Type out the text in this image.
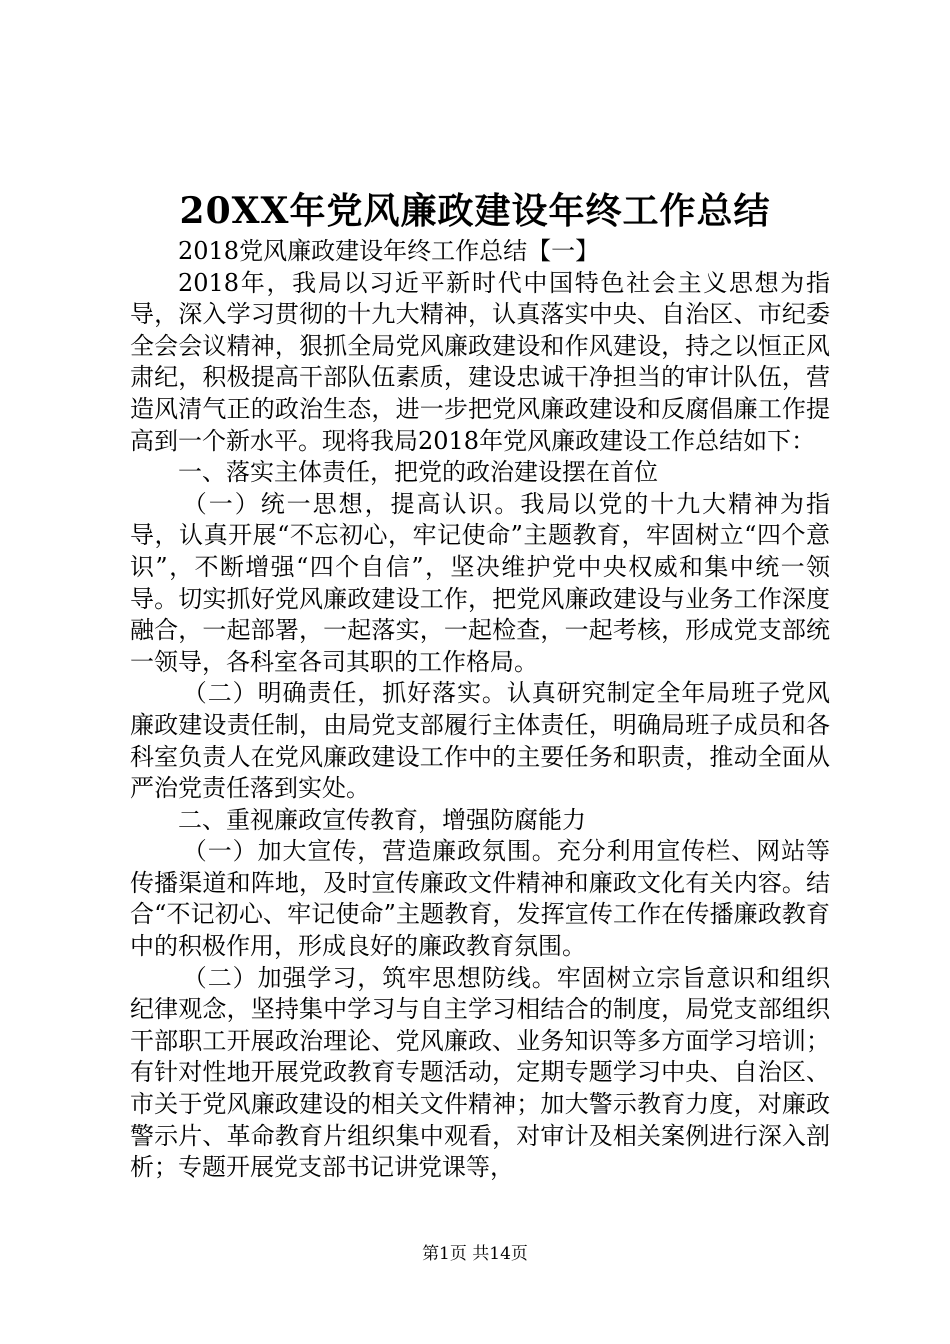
20XX年党风廉政建设年终工作总结

2018党风廉政建设年终工作总结【一】

2018年，我局以习近平新时代中国特色社会主义思想为指导，深入学习贯彻的十九大精神，认真落实中央、自治区、市纪委全会会议精神，狠抓全局党风廉政建设和作风建设，持之以恒正风肃纪，积极提高干部队伍素质，建设忠诚干净担当的审计队伍，营造风清气正的政治生态，进一步把党风廉政建设和反腐倡廉工作提高到一个新水平。现将我局2018年党风廉政建设工作总结如下：

一、落实主体责任，把党的政治建设摆在首位

（一）统一思想，提高认识。我局以党的十九大精神为指导，认真开展“不忘初心，牢记使命”主题教育，牢固树立“四个意识”，不断增强“四个自信”，坚决维护党中央权威和集中统一领导。切实抓好党风廉政建设工作，把党风廉政建设与业务工作深度融合，一起部署，一起落实，一起检查，一起考核，形成党支部统一领导，各科室各司其职的工作格局。

（二）明确责任，抓好落实。认真研究制定全年局班子党风廉政建设责任制，由局党支部履行主体责任，明确局班子成员和各科室负责人在党风廉政建设工作中的主要任务和职责，推动全面从严治党责任落到实处。

二、重视廉政宣传教育，增强防腐能力

（一）加大宣传，营造廉政氛围。充分利用宣传栏、网站等传播渠道和阵地，及时宣传廉政文件精神和廉政文化有关内容。结合“不记初心、牢记使命”主题教育，发挥宣传工作在传播廉政教育中的积极作用，形成良好的廉政教育氛围。

（二）加强学习，筑牢思想防线。牢固树立宗旨意识和组织纪律观念，坚持集中学习与自主学习相结合的制度，局党支部组织干部职工开展政治理论、党风廉政、业务知识等多方面学习培训；有针对性地开展党政教育专题活动，定期专题学习中央、自治区、市关于党风廉政建设的相关文件精神；加大警示教育力度，对廉政警示片、革命教育片组织集中观看，对审计及相关案例进行深入剖析；专题开展党支部书记讲党课等，

第1页 共14页
